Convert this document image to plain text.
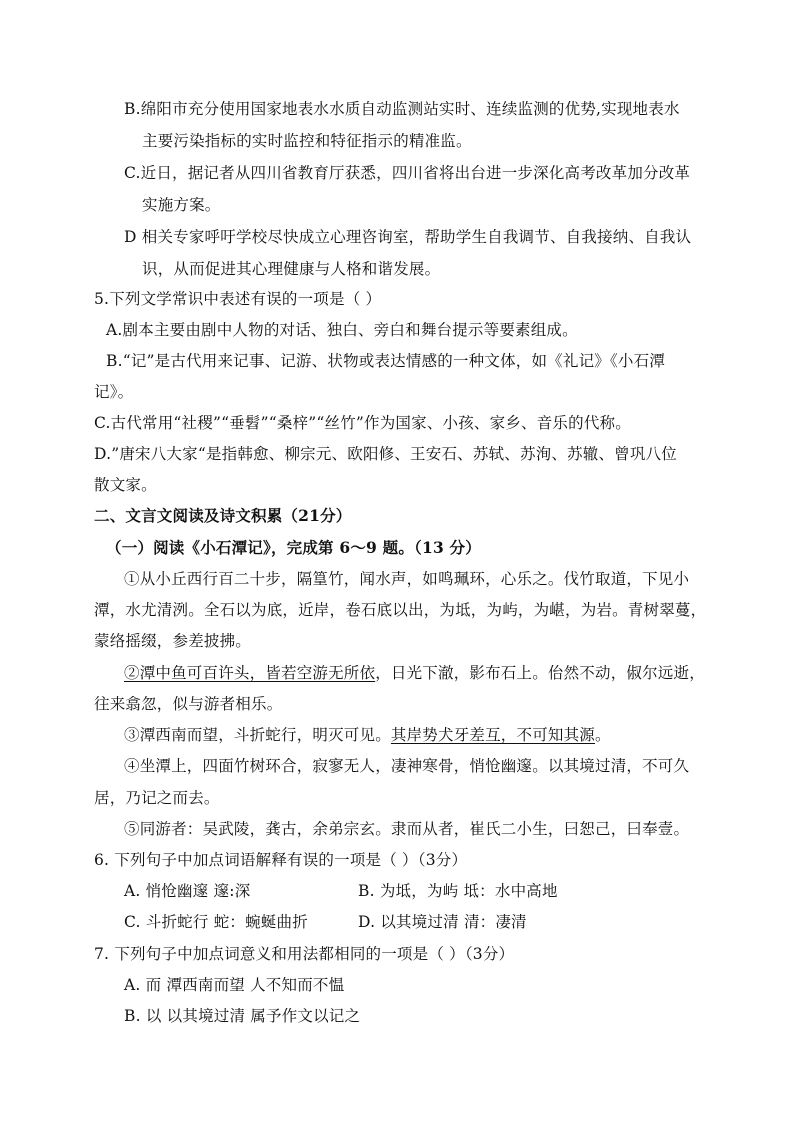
B.绵阳市充分使用国家地表水水质自动监测站实时、连续监测的优势,实现地表水
主要污染指标的实时监控和特征指示的精准监。
C.近日，据记者从四川省教育厅获悉，四川省将出台进一步深化高考改革加分改革
实施方案。
D 相关专家呼吁学校尽快成立心理咨询室，帮助学生自我调节、自我接纳、自我认
识，从而促进其心理健康与人格和谐发展。
5.下列文学常识中表述有误的一项是（ ）
A.剧本主要由剧中人物的对话、独白、旁白和舞台提示等要素组成。
B.“记”是古代用来记事、记游、状物或表达情感的一种文体，如《礼记》《小石潭
记》。
C.古代常用“社稷”“垂髫”“桑梓”“丝竹”作为国家、小孩、家乡、音乐的代称。
D.”唐宋八大家“是指韩愈、柳宗元、欧阳修、王安石、苏轼、苏洵、苏辙、曾巩八位
散文家。
二、文言文阅读及诗文积累（21分）
（一）阅读《小石潭记》，完成第 6～9 题。（13 分）
①从小丘西行百二十步，隔篁竹，闻水声，如鸣珮环，心乐之。伐竹取道，下见小
潭，水尤清洌。全石以为底，近岸，卷石底以出，为坻，为屿，为嵁，为岩。青树翠蔓，
蒙络摇缀，参差披拂。
②潭中鱼可百许头，皆若空游无所依，日光下澈，影布石上。佁然不动，俶尔远逝，
往来翕忽，似与游者相乐。
③潭西南而望，斗折蛇行，明灭可见。其岸势犬牙差互，不可知其源。
④坐潭上，四面竹树环合，寂寥无人，凄神寒骨，悄怆幽邃。以其境过清，不可久
居，乃记之而去。
⑤同游者：吴武陵，龚古，余弟宗玄。隶而从者，崔氏二小生，曰恕己，曰奉壹。
6. 下列句子中加点词语解释有误的一项是（ ）（3分）
A. 悄怆幽邃 邃:深	B. 为坻，为屿 坻：水中高地
C. 斗折蛇行 蛇：蜿蜒曲折	D. 以其境过清 清：凄清
7. 下列句子中加点词意义和用法都相同的一项是（ ）（3分）
A. 而 潭西南而望 人不知而不愠
B. 以 以其境过清 属予作文以记之
